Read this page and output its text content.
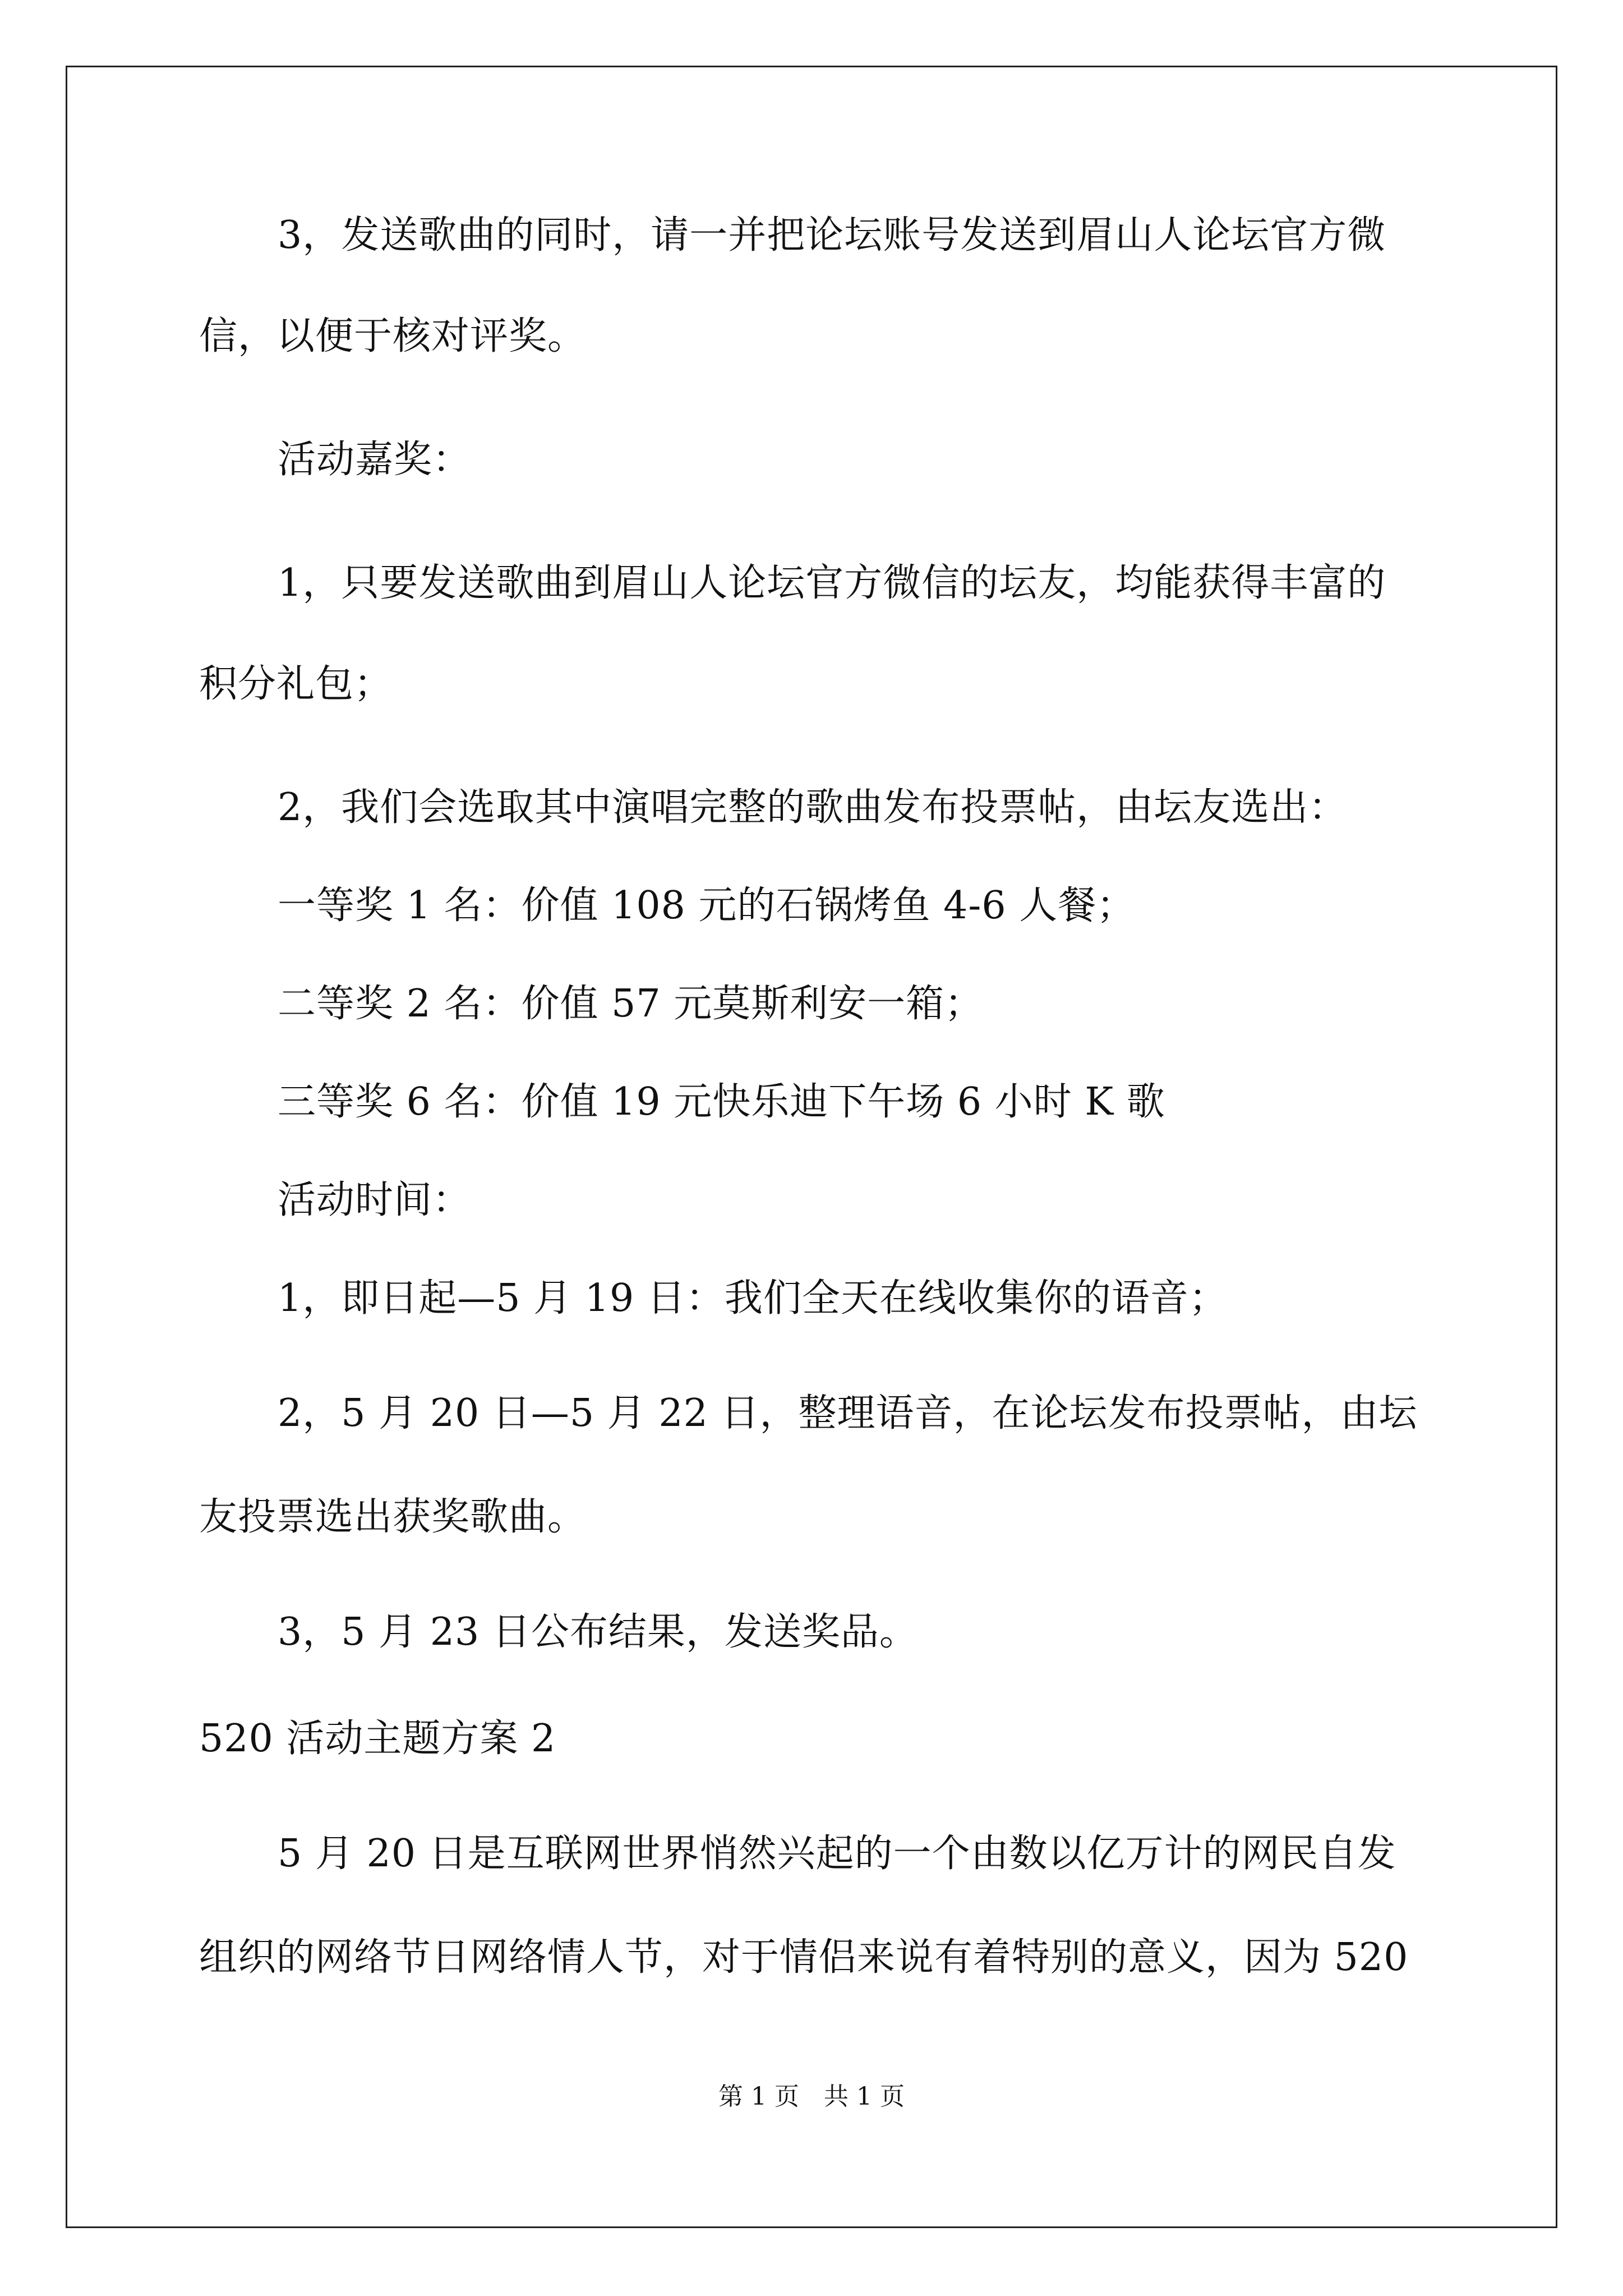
3，发送歌曲的同时，请一并把论坛账号发送到眉山人论坛官方微
信，以便于核对评奖。
活动嘉奖：
1，只要发送歌曲到眉山人论坛官方微信的坛友，均能获得丰富的
积分礼包；
2，我们会选取其中演唱完整的歌曲发布投票帖，由坛友选出：
一等奖 1 名：价值 108 元的石锅烤鱼 4-6 人餐；
二等奖 2 名：价值 57 元莫斯利安一箱；
三等奖 6 名：价值 19 元快乐迪下午场 6 小时 K 歌
活动时间：
1，即日起—5 月 19 日：我们全天在线收集你的语音；
2，5 月 20 日—5 月 22 日，整理语音，在论坛发布投票帖，由坛
友投票选出获奖歌曲。
3，5 月 23 日公布结果，发送奖品。
520 活动主题方案 2
5 月 20 日是互联网世界悄然兴起的一个由数以亿万计的网民自发
组织的网络节日网络情人节，对于情侣来说有着特别的意义，因为 520
第 1 页　共 1 页
